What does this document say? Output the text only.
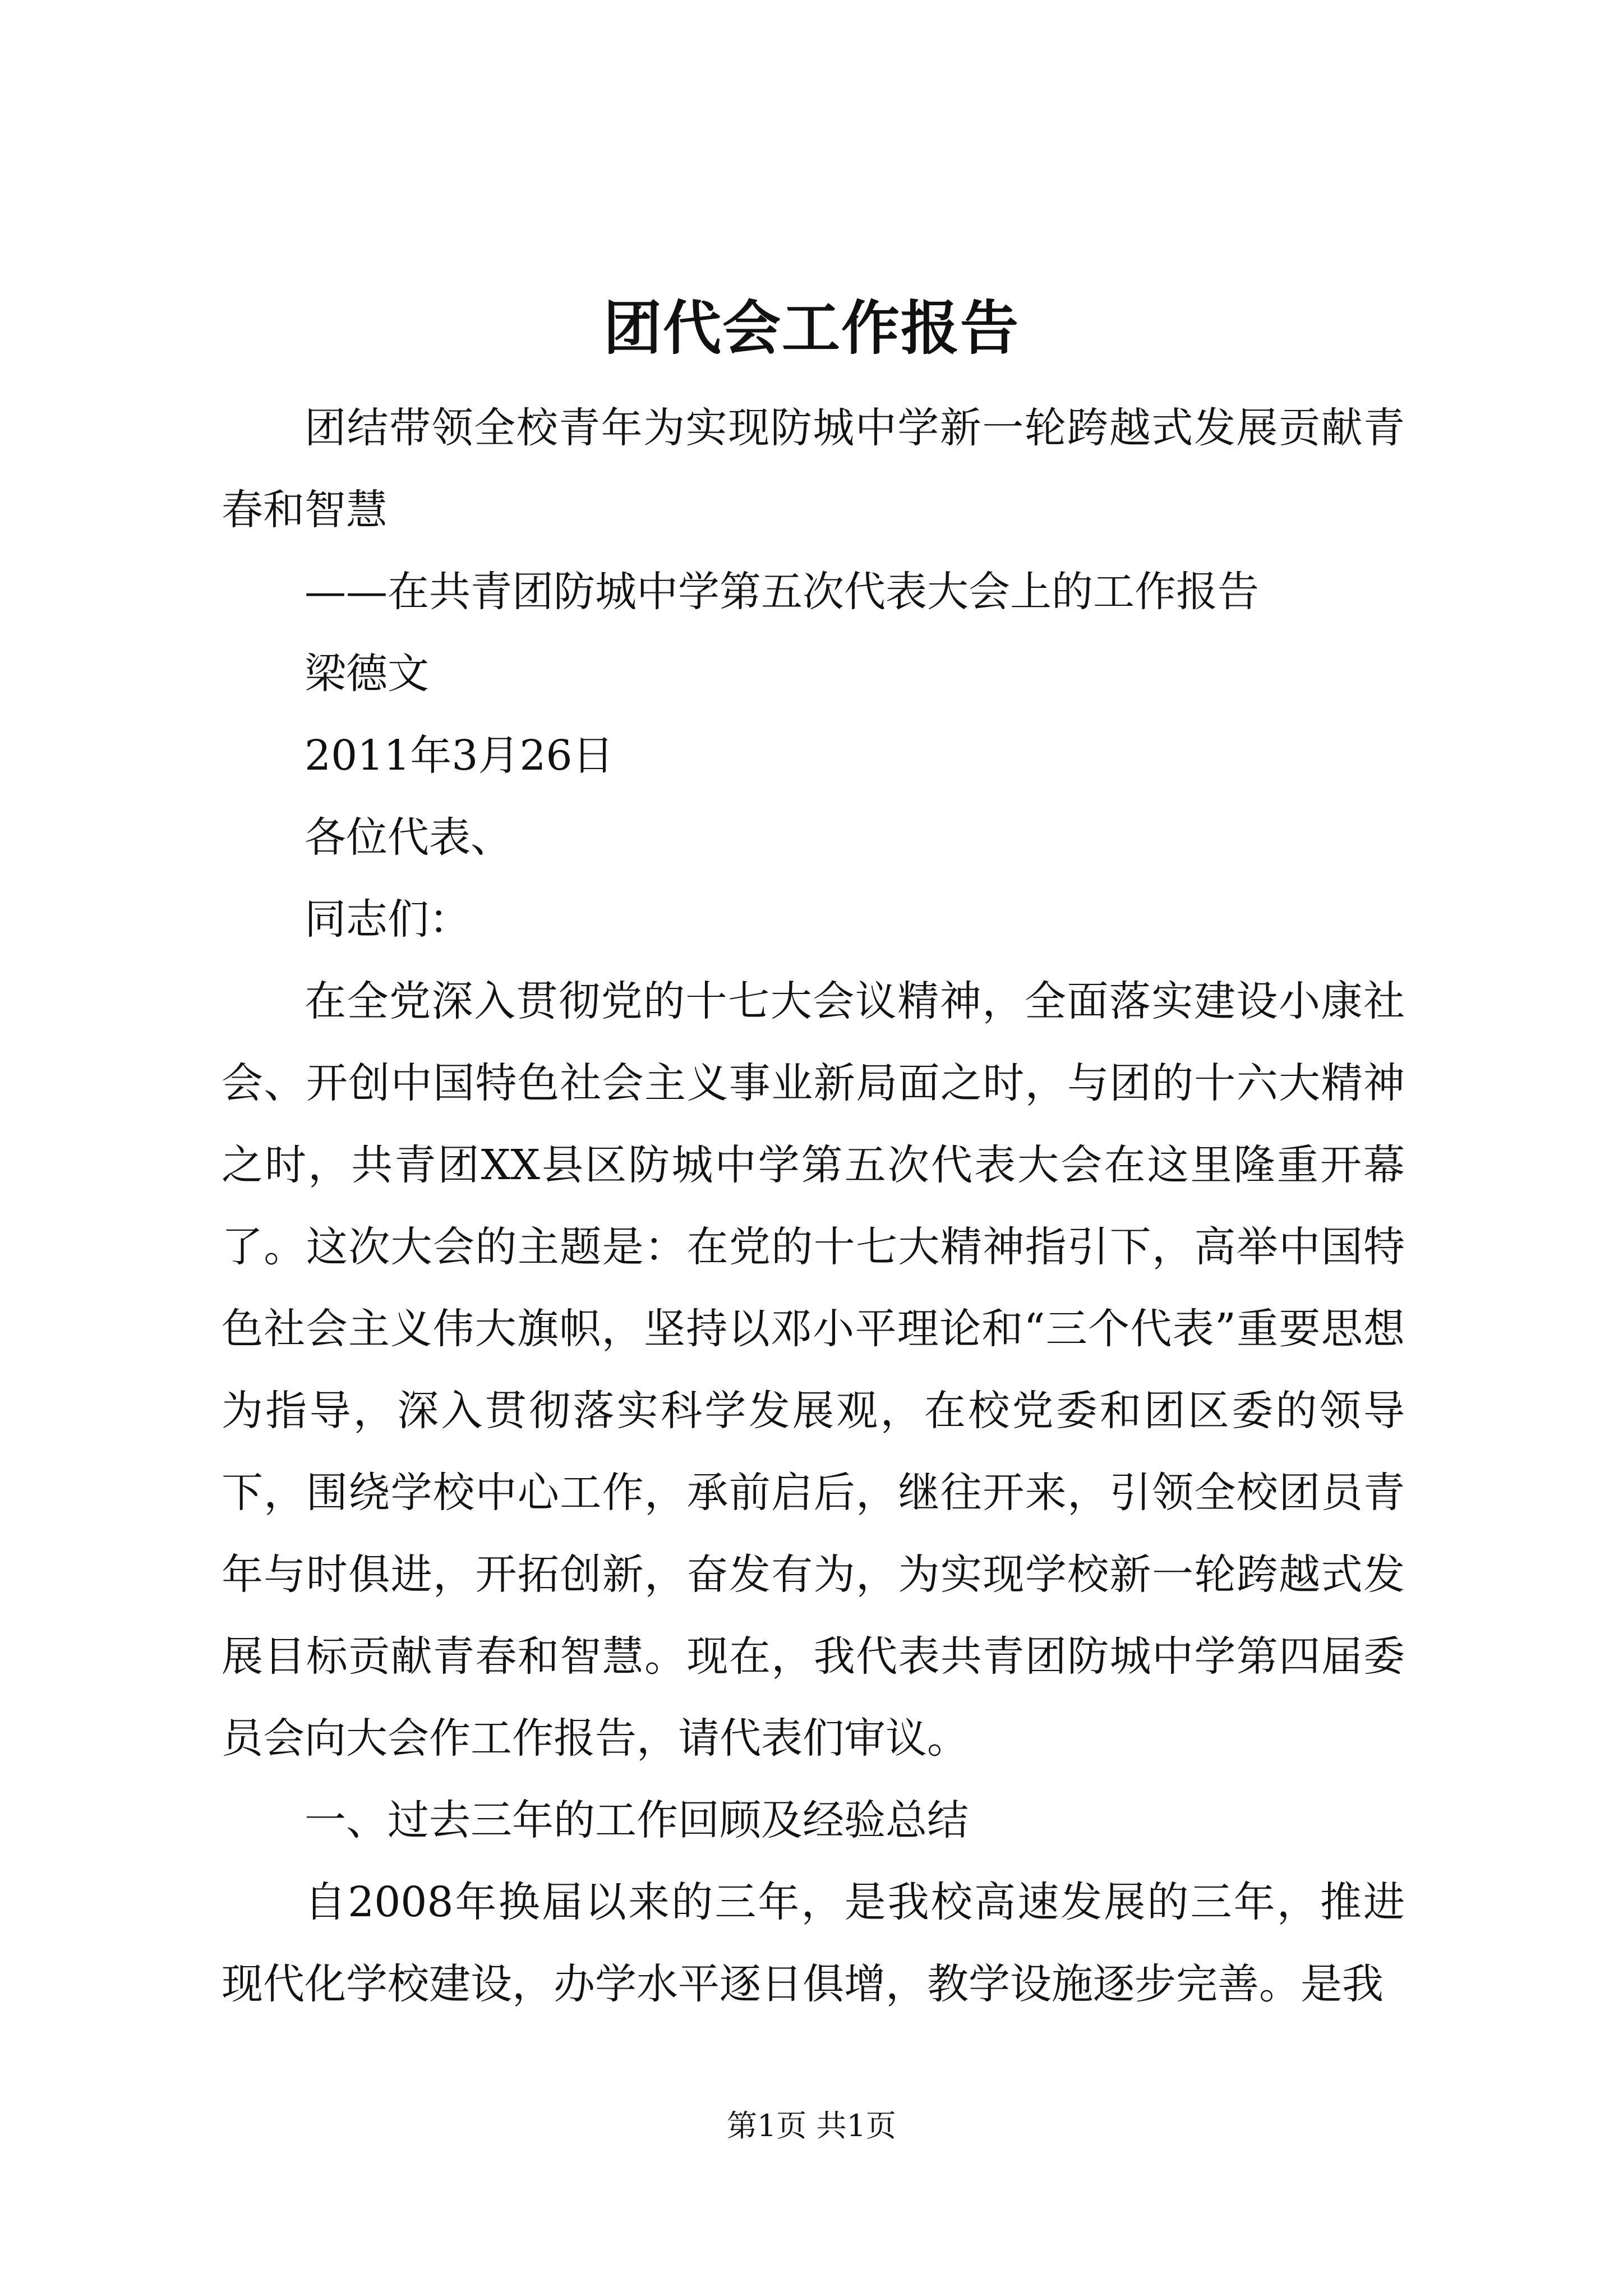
团代会工作报告

团结带领全校青年为实现防城中学新一轮跨越式发展贡献青春和智慧

——在共青团防城中学第五次代表大会上的工作报告

梁德文

2011年3月26日

各位代表、

同志们：

在全党深入贯彻党的十七大会议精神，全面落实建设小康社会、开创中国特色社会主义事业新局面之时，与团的十六大精神之时，共青团XX县区防城中学第五次代表大会在这里隆重开幕了。这次大会的主题是：在党的十七大精神指引下，高举中国特色社会主义伟大旗帜，坚持以邓小平理论和“三个代表”重要思想为指导，深入贯彻落实科学发展观，在校党委和团区委的领导下，围绕学校中心工作，承前启后，继往开来，引领全校团员青年与时俱进，开拓创新，奋发有为，为实现学校新一轮跨越式发展目标贡献青春和智慧。现在，我代表共青团防城中学第四届委员会向大会作工作报告，请代表们审议。

一、过去三年的工作回顾及经验总结

自2008年换届以来的三年，是我校高速发展的三年，推进现代化学校建设，办学水平逐日俱增，教学设施逐步完善。是我

第1页 共1页
